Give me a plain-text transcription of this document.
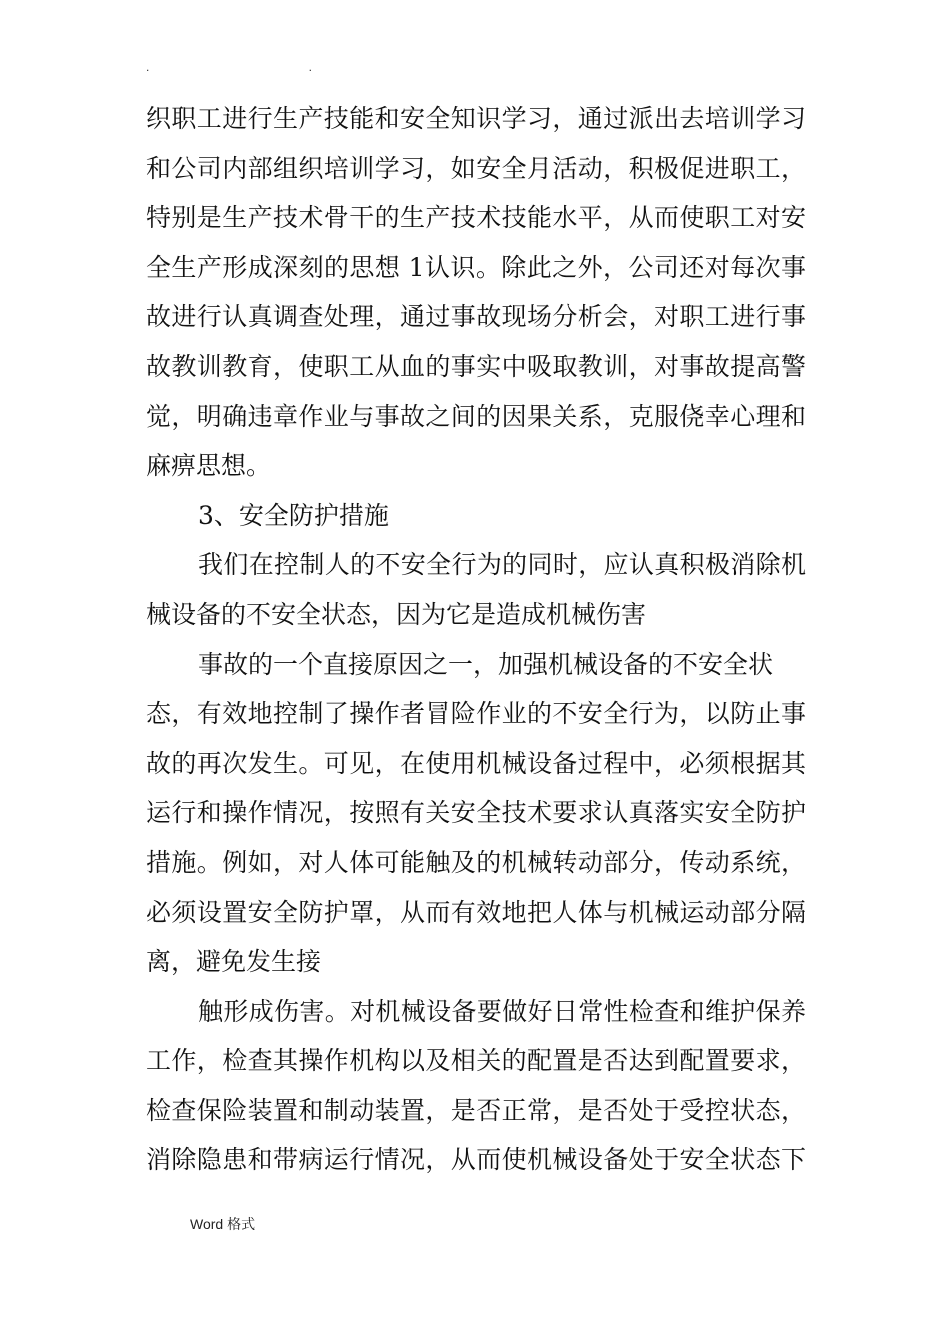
. .
织职工进行生产技能和安全知识学习，通过派出去培训学习
和公司内部组织培训学习，如安全月活动，积极促进职工，
特别是生产技术骨干的生产技术技能水平，从而使职工对安
全生产形成深刻的思想 1认识。除此之外，公司还对每次事
故进行认真调查处理，通过事故现场分析会，对职工进行事
故教训教育，使职工从血的事实中吸取教训，对事故提高警
觉，明确违章作业与事故之间的因果关系，克服侥幸心理和
麻痹思想。
3、安全防护措施
我们在控制人的不安全行为的同时，应认真积极消除机
械设备的不安全状态，因为它是造成机械伤害
事故的一个直接原因之一，加强机械设备的不安全状
态，有效地控制了操作者冒险作业的不安全行为，以防止事
故的再次发生。可见，在使用机械设备过程中，必须根据其
运行和操作情况，按照有关安全技术要求认真落实安全防护
措施。例如，对人体可能触及的机械转动部分，传动系统，
必须设置安全防护罩，从而有效地把人体与机械运动部分隔
离，避免发生接
触形成伤害。对机械设备要做好日常性检查和维护保养
工作，检查其操作机构以及相关的配置是否达到配置要求，
检查保险装置和制动装置，是否正常，是否处于受控状态，
消除隐患和带病运行情况，从而使机械设备处于安全状态下
Word 格式
